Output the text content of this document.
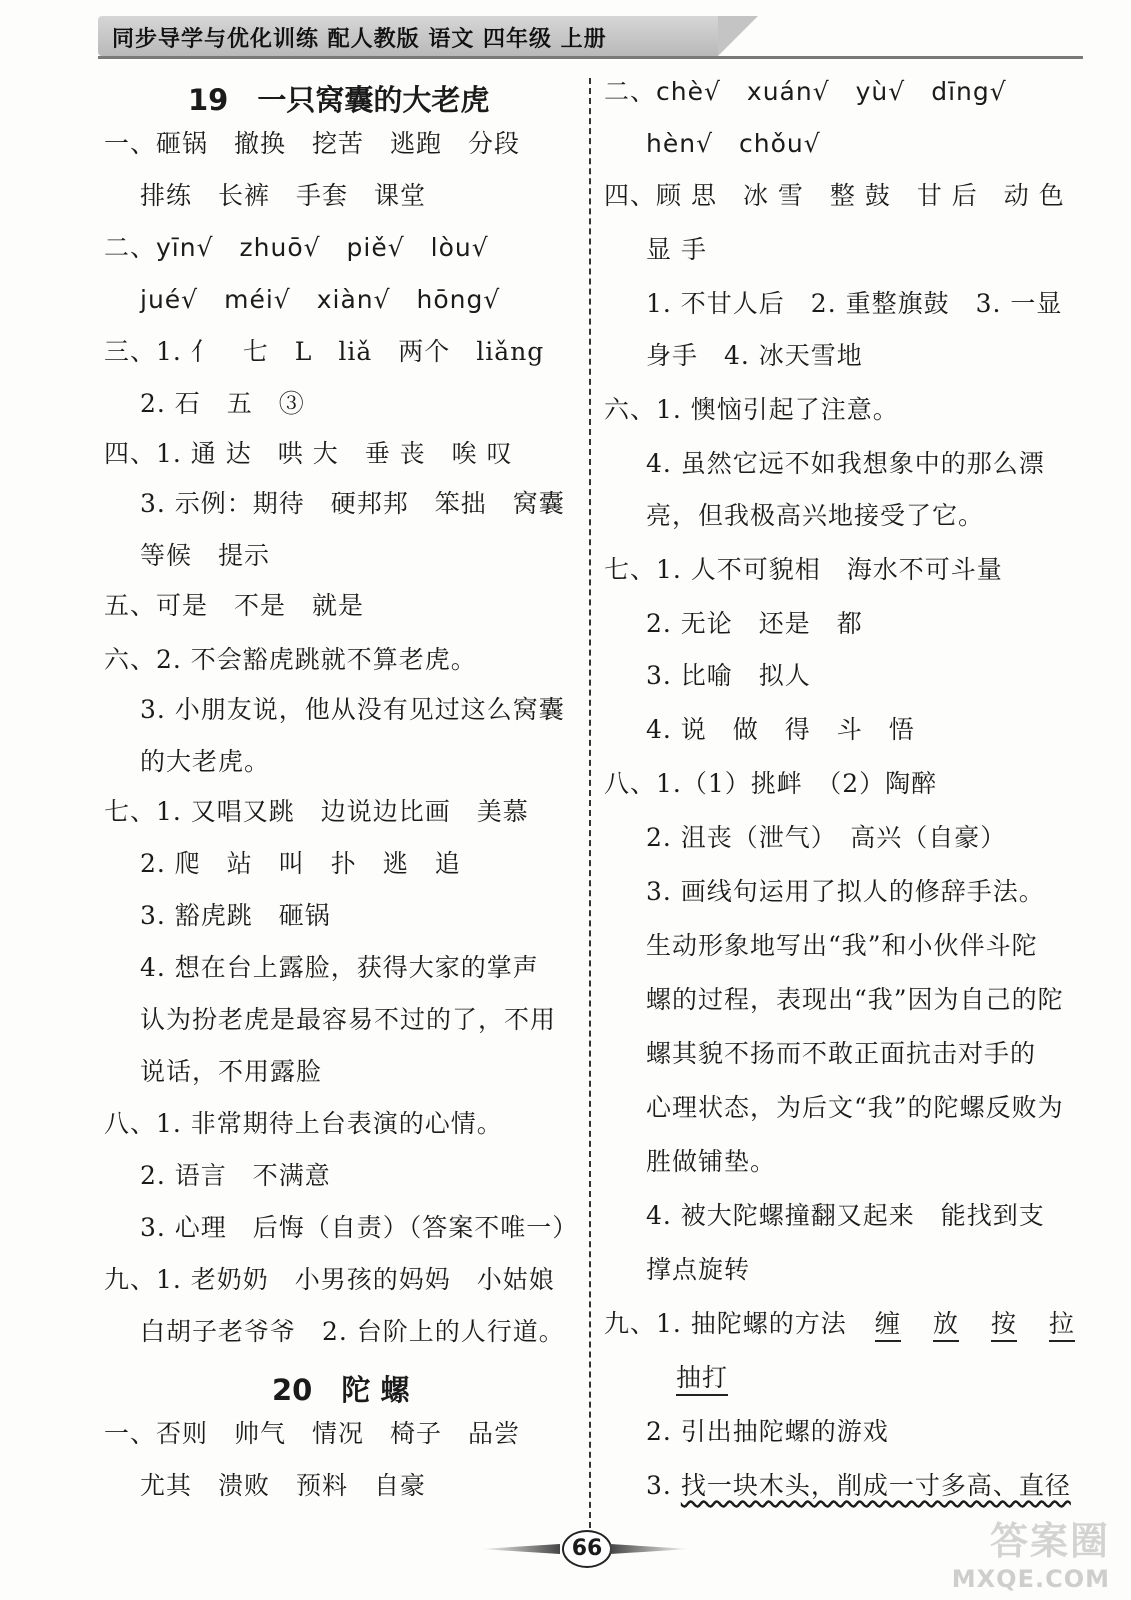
同步导学与优化训练 配人教版 语文 四年级 上册
19　一只窝囊的大老虎
一、砸锅　撤换　挖苦　逃跑　分段
排练　长裤　手套　课堂
二、yīn√　zhuō√　piě√　lòu√
jué√　méi√　xiàn√　hōng√
三、1. 亻　七　L　liǎ　两个　liǎng
2. 石　五　③
四、1. 通 达　哄 大　垂 丧　唉 叹
3. 示例：期待　硬邦邦　笨拙　窝囊
等候　提示
五、可是　不是　就是
六、2. 不会豁虎跳就不算老虎。
3. 小朋友说，他从没有见过这么窝囊
的大老虎。
七、1. 又唱又跳　边说边比画　美慕
2. 爬　站　叫　扑　逃　追
3. 豁虎跳　砸锅
4. 想在台上露脸，获得大家的掌声
认为扮老虎是最容易不过的了，不用
说话，不用露脸
八、1. 非常期待上台表演的心情。
2. 语言　不满意
3. 心理　后悔（自责）（答案不唯一）
九、1. 老奶奶　小男孩的妈妈　小姑娘
白胡子老爷爷　2. 台阶上的人行道。
20　陀 螺
一、否则　帅气　情况　椅子　品尝
尤其　溃败　预料　自豪
二、chè√　xuán√　yù√　dīng√
hèn√　chǒu√
四、顾 思　冰 雪　整 鼓　甘 后　动 色
显 手
1. 不甘人后　2. 重整旗鼓　3. 一显
身手　4. 冰天雪地
六、1. 懊恼引起了注意。
4. 虽然它远不如我想象中的那么漂
亮，但我极高兴地接受了它。
七、1. 人不可貌相　海水不可斗量
2. 无论　还是　都
3. 比喻　拟人
4. 说　做　得　斗　悟
八、1.（1）挑衅　（2）陶醉
2. 沮丧（泄气）　高兴（自豪）
3. 画线句运用了拟人的修辞手法。
生动形象地写出“我”和小伙伴斗陀
螺的过程，表现出“我”因为自己的陀
螺其貌不扬而不敢正面抗击对手的
心理状态，为后文“我”的陀螺反败为
胜做铺垫。
4. 被大陀螺撞翻又起来　能找到支
撑点旋转
九、1. 抽陀螺的方法 缠 放 按 拉
抽打
2. 引出抽陀螺的游戏
3. 找一块木头，削成一寸多高、直径
66	答案圈
MXQE.COM
